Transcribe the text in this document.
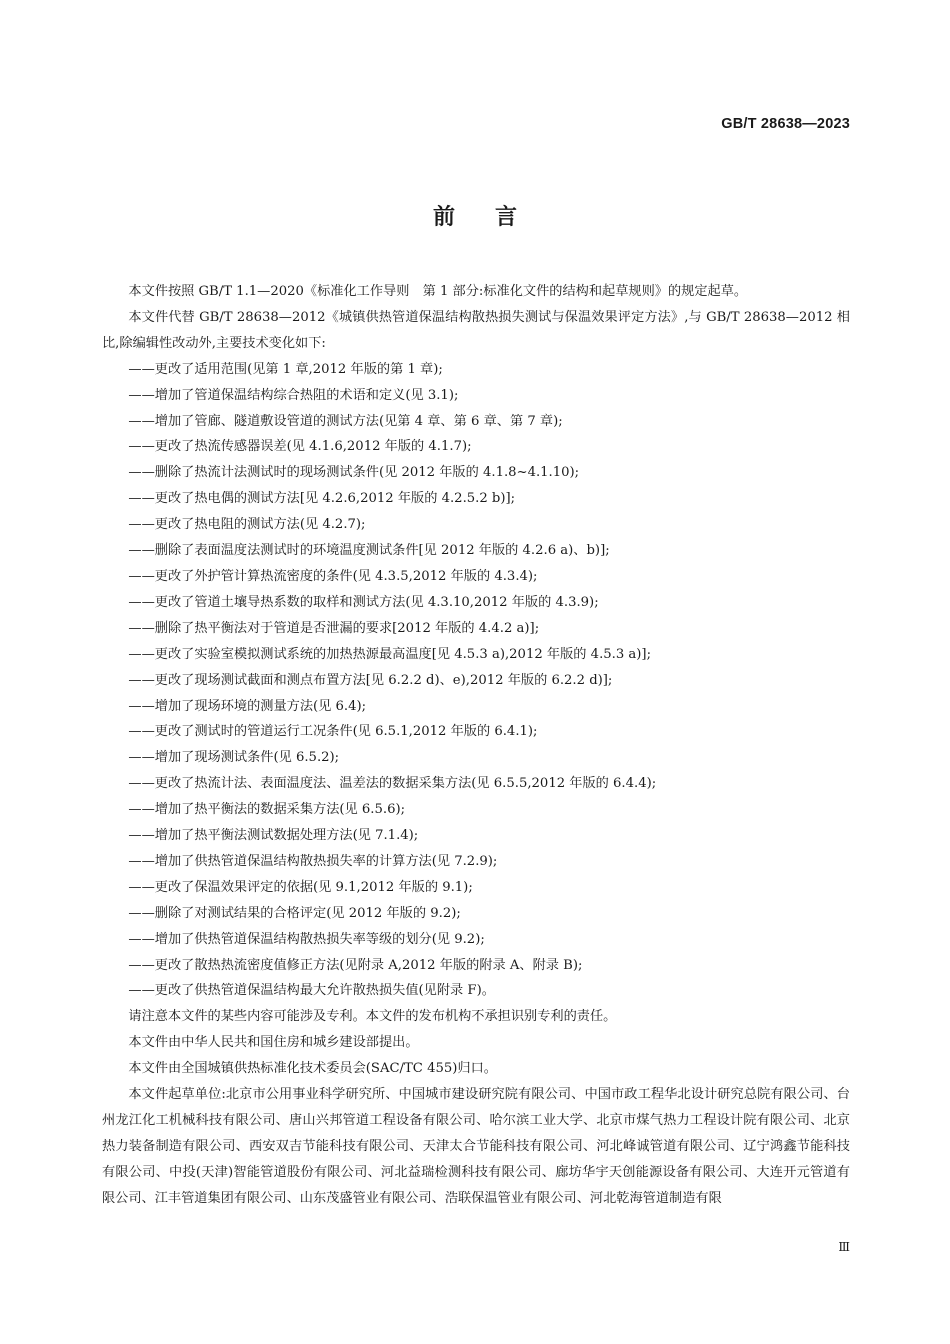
GB/T 28638—2023
前言

本文件按照 GB/T 1.1—2020《标准化工作导则　第 1 部分:标准化文件的结构和起草规则》的规定起草。

本文件代替 GB/T 28638—2012《城镇供热管道保温结构散热损失测试与保温效果评定方法》,与 GB/T 28638—2012 相比,除编辑性改动外,主要技术变化如下:

——更改了适用范围(见第 1 章,2012 年版的第 1 章);

——增加了管道保温结构综合热阻的术语和定义(见 3.1);

——增加了管廊、隧道敷设管道的测试方法(见第 4 章、第 6 章、第 7 章);

——更改了热流传感器误差(见 4.1.6,2012 年版的 4.1.7);

——删除了热流计法测试时的现场测试条件(见 2012 年版的 4.1.8~4.1.10);

——更改了热电偶的测试方法[见 4.2.6,2012 年版的 4.2.5.2 b)];

——更改了热电阻的测试方法(见 4.2.7);

——删除了表面温度法测试时的环境温度测试条件[见 2012 年版的 4.2.6 a)、b)];

——更改了外护管计算热流密度的条件(见 4.3.5,2012 年版的 4.3.4);

——更改了管道土壤导热系数的取样和测试方法(见 4.3.10,2012 年版的 4.3.9);

——删除了热平衡法对于管道是否泄漏的要求[2012 年版的 4.4.2 a)];

——更改了实验室模拟测试系统的加热热源最高温度[见 4.5.3 a),2012 年版的 4.5.3 a)];

——更改了现场测试截面和测点布置方法[见 6.2.2 d)、e),2012 年版的 6.2.2 d)];

——增加了现场环境的测量方法(见 6.4);

——更改了测试时的管道运行工况条件(见 6.5.1,2012 年版的 6.4.1);

——增加了现场测试条件(见 6.5.2);

——更改了热流计法、表面温度法、温差法的数据采集方法(见 6.5.5,2012 年版的 6.4.4);

——增加了热平衡法的数据采集方法(见 6.5.6);

——增加了热平衡法测试数据处理方法(见 7.1.4);

——增加了供热管道保温结构散热损失率的计算方法(见 7.2.9);

——更改了保温效果评定的依据(见 9.1,2012 年版的 9.1);

——删除了对测试结果的合格评定(见 2012 年版的 9.2);

——增加了供热管道保温结构散热损失率等级的划分(见 9.2);

——更改了散热热流密度值修正方法(见附录 A,2012 年版的附录 A、附录 B);

——更改了供热管道保温结构最大允许散热损失值(见附录 F)。

请注意本文件的某些内容可能涉及专利。本文件的发布机构不承担识别专利的责任。

本文件由中华人民共和国住房和城乡建设部提出。

本文件由全国城镇供热标准化技术委员会(SAC/TC 455)归口。

本文件起草单位:北京市公用事业科学研究所、中国城市建设研究院有限公司、中国市政工程华北设计研究总院有限公司、台州龙江化工机械科技有限公司、唐山兴邦管道工程设备有限公司、哈尔滨工业大学、北京市煤气热力工程设计院有限公司、北京热力装备制造有限公司、西安双吉节能科技有限公司、天津太合节能科技有限公司、河北峰诚管道有限公司、辽宁鸿鑫节能科技有限公司、中投(天津)智能管道股份有限公司、河北益瑞检测科技有限公司、廊坊华宇天创能源设备有限公司、大连开元管道有限公司、江丰管道集团有限公司、山东茂盛管业有限公司、浩联保温管业有限公司、河北乾海管道制造有限

Ⅲ
